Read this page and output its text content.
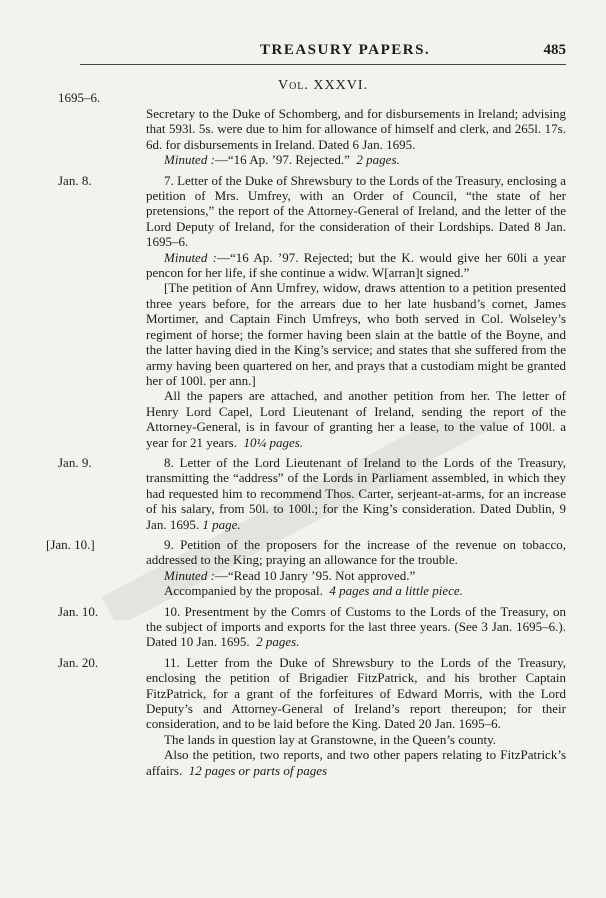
TREASURY PAPERS.	485
Vol. XXXVI.
1695–6.

Secretary to the Duke of Schomberg, and for disbursements in Ireland; advising that 593l. 5s. were due to him for allowance of himself and clerk, and 265l. 17s. 6d. for disbursements in Ireland. Dated 6 Jan. 1695.

Minuted :—“16 Ap. ’97. Rejected.” 2 pages.

Jan. 8.	7. Letter of the Duke of Shrewsbury to the Lords of the Treasury, enclosing a petition of Mrs. Umfrey, with an Order of Council, “the state of her pretensions,” the report of the Attorney-General of Ireland, and the letter of the Lord Deputy of Ireland, for the consideration of their Lordships. Dated 8 Jan. 1695–6.

Minuted :—“16 Ap. ’97. Rejected; but the K. would give her 60li a year pencon for her life, if she continue a widw. W[arran]t signed.”

[The petition of Ann Umfrey, widow, draws attention to a petition presented three years before, for the arrears due to her late husband’s cornet, James Mortimer, and Captain Finch Umfreys, who both served in Col. Wolseley’s regiment of horse; the former having been slain at the battle of the Boyne, and the latter having died in the King’s service; and states that she suffered from the army having been quartered on her, and prays that a custodiam might be granted her of 100l. per ann.]

All the papers are attached, and another petition from her. The letter of Henry Lord Capel, Lord Lieutenant of Ireland, sending the report of the Attorney-General, is in favour of granting her a lease, to the value of 100l. a year for 21 years. 10¼ pages.

Jan. 9.	8. Letter of the Lord Lieutenant of Ireland to the Lords of the Treasury, transmitting the “address” of the Lords in Parliament assembled, in which they had requested him to recommend Thos. Carter, serjeant-at-arms, for an increase of his salary, from 50l. to 100l.; for the King’s consideration. Dated Dublin, 9 Jan. 1695. 1 page.

[Jan. 10.]	9. Petition of the proposers for the increase of the revenue on tobacco, addressed to the King; praying an allowance for the trouble.

Minuted :—“Read 10 Janry ’95. Not approved.”

Accompanied by the proposal. 4 pages and a little piece.

Jan. 10.	10. Presentment by the Comrs of Customs to the Lords of the Treasury, on the subject of imports and exports for the last three years. (See 3 Jan. 1695–6.). Dated 10 Jan. 1695. 2 pages.

Jan. 20.	11. Letter from the Duke of Shrewsbury to the Lords of the Treasury, enclosing the petition of Brigadier FitzPatrick, and his brother Captain FitzPatrick, for a grant of the forfeitures of Edward Morris, with the Lord Deputy’s and Attorney-General of Ireland’s report thereupon; for their consideration, and to be laid before the King. Dated 20 Jan. 1695–6.

The lands in question lay at Granstowne, in the Queen’s county.

Also the petition, two reports, and two other papers relating to FitzPatrick’s affairs. 12 pages or parts of pages
